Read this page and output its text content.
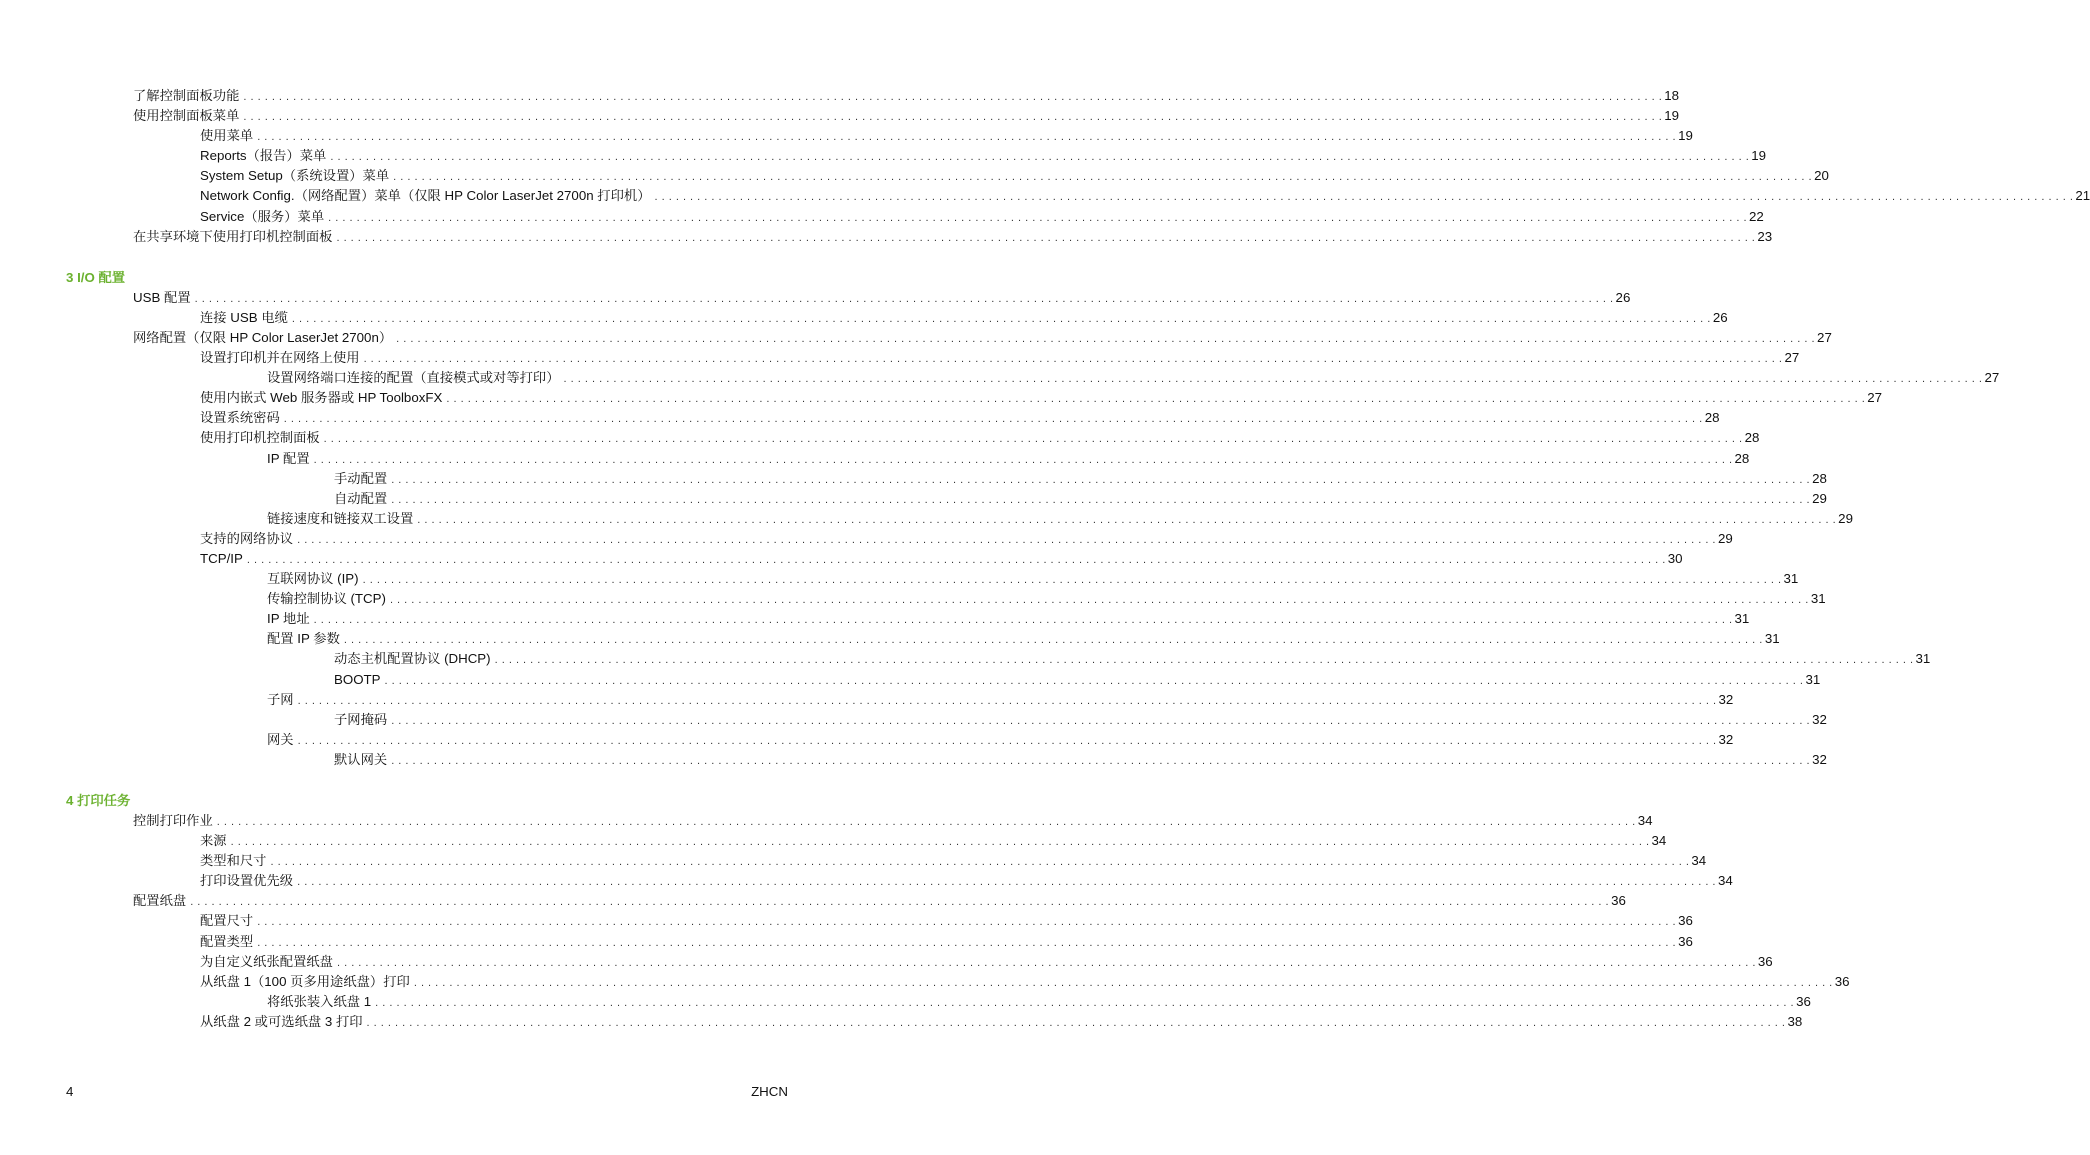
了解控制面板功能 . . . . . . . . . . . . . . . . . . . . . . . . . . . . . . . . . . . . . . . . . . . . . . . . . . . . . . . . . . . . . . . . . . . . . . . . . . . . . . . . . . . . . . . . . . . . . . . . . . . . . . . . . . . . . . . . . . . . . . . . . . . . . . . . . . . . . . . . . . . . . . . . . . . . . . . . . . . . . . . . . . . . . . . . . . . . . . . . . . . . . . . . . . . . . . . . . . . . . . . . 18
使用控制面板菜单 . . . . . . . . . . . . . . . . . . . . . . . . . . . . . . . . . . . . . . . . . . . . . . . . . . . . . . . . . . . . . . . . . . . . . . . . . . . . . . . . . . . . . . . . . . . . . . . . . . . . . . . . . . . . . . . . . . . . . . . . . . . . . . . . . . . . . . . . . . . . . . . . . . . . . . . . . . . . . . . . . . . . . . . . . . . . . . . . . . . . . . . . . . . . . . . . . . . . . . . . 19
使用菜单 . . . . . . . . . . . . . . . . . . . . . . . . . . . . . . . . . . . . . . . . . . . . . . . . . . . . . . . . . . . . . . . . . . . . . . . . . . . . . . . . . . . . . . . . . . . . . . . . . . . . . . . . . . . . . . . . . . . . . . . . . . . . . . . . . . . . . . . . . . . . . . . . . . . . . . . . . . . . . . . . . . . . . . . . . . . . . . . . . . . . . . . . . . . . . . . . . . . . . . . . 19
Reports（报告）菜单 . . . . . . . . . . . . . . . . . . . . . . . . . . . . . . . . . . . . . . . . . . . . . . . . . . . . . . . . . . . . . . . . . . . . . . . . . . . . . . . . . . . . . . . . . . . . . . . . . . . . . . . . . . . . . . . . . . . . . . . . . . . . . . . . . . . . . . . . . . . . . . . . . . . . . . . . . . . . . . . . . . . . . . . . . . . . . . . . . . . . . . . . . . . . . . . . . . . . . . . . 19
System Setup（系统设置）菜单 . . . . . . . . . . . . . . . . . . . . . . . . . . . . . . . . . . . . . . . . . . . . . . . . . . . . . . . . . . . . . . . . . . . . . . . . . . . . . . . . . . . . . . . . . . . . . . . . . . . . . . . . . . . . . . . . . . . . . . . . . . . . . . . . . . . . . . . . . . . . . . . . . . . . . . . . . . . . . . . . . . . . . . . . . . . . . . . . . . . . . . . . . . . . . . . . . . . . . . . . 20
Network Config.（网络配置）菜单（仅限 HP Color LaserJet 2700n 打印机） . . . . . . . . . . . . . . . . . . . . . . . . . . . . . . . . . . . . . . . . . . . . . . . . . . . . . . . . . . . . . . . . . . . . . . . . . . . . . . . . . . . . . . . . . . . . . . . . . . . . . . . . . . . . . . . . . . . . . . . . . . . . . . . . . . . . . . . . . . . . . . . . . . . . . . . . . . . . . . . . . . . . . . . . . . . . . . . . . . . . . . . . . . . . . . . . . . . . . . . . 21
Service（服务）菜单 . . . . . . . . . . . . . . . . . . . . . . . . . . . . . . . . . . . . . . . . . . . . . . . . . . . . . . . . . . . . . . . . . . . . . . . . . . . . . . . . . . . . . . . . . . . . . . . . . . . . . . . . . . . . . . . . . . . . . . . . . . . . . . . . . . . . . . . . . . . . . . . . . . . . . . . . . . . . . . . . . . . . . . . . . . . . . . . . . . . . . . . . . . . . . . . . . . . . . . . . 22
在共享环境下使用打印机控制面板 . . . . . . . . . . . . . . . . . . . . . . . . . . . . . . . . . . . . . . . . . . . . . . . . . . . . . . . . . . . . . . . . . . . . . . . . . . . . . . . . . . . . . . . . . . . . . . . . . . . . . . . . . . . . . . . . . . . . . . . . . . . . . . . . . . . . . . . . . . . . . . . . . . . . . . . . . . . . . . . . . . . . . . . . . . . . . . . . . . . . . . . . . . . . . . . . . . . . . . . . 23
3 I/O 配置
USB 配置 . . . . . . . . . . . . . . . . . . . . . . . . . . . . . . . . . . . . . . . . . . . . . . . . . . . . . . . . . . . . . . . . . . . . . . . . . . . . . . . . . . . . . . . . . . . . . . . . . . . . . . . . . . . . . . . . . . . . . . . . . . . . . . . . . . . . . . . . . . . . . . . . . . . . . . . . . . . . . . . . . . . . . . . . . . . . . . . . . . . . . . . . . . . . . . . . . . . . . . . . 26
连接 USB 电缆 . . . . . . . . . . . . . . . . . . . . . . . . . . . . . . . . . . . . . . . . . . . . . . . . . . . . . . . . . . . . . . . . . . . . . . . . . . . . . . . . . . . . . . . . . . . . . . . . . . . . . . . . . . . . . . . . . . . . . . . . . . . . . . . . . . . . . . . . . . . . . . . . . . . . . . . . . . . . . . . . . . . . . . . . . . . . . . . . . . . . . . . . . . . . . . . . . . . . . . . . 26
网络配置（仅限 HP Color LaserJet 2700n） . . . . . . . . . . . . . . . . . . . . . . . . . . . . . . . . . . . . . . . . . . . . . . . . . . . . . . . . . . . . . . . . . . . . . . . . . . . . . . . . . . . . . . . . . . . . . . . . . . . . . . . . . . . . . . . . . . . . . . . . . . . . . . . . . . . . . . . . . . . . . . . . . . . . . . . . . . . . . . . . . . . . . . . . . . . . . . . . . . . . . . . . . . . . . . . . . . . . . . . . 27
设置打印机并在网络上使用 . . . . . . . . . . . . . . . . . . . . . . . . . . . . . . . . . . . . . . . . . . . . . . . . . . . . . . . . . . . . . . . . . . . . . . . . . . . . . . . . . . . . . . . . . . . . . . . . . . . . . . . . . . . . . . . . . . . . . . . . . . . . . . . . . . . . . . . . . . . . . . . . . . . . . . . . . . . . . . . . . . . . . . . . . . . . . . . . . . . . . . . . . . . . . . . . . . . . . . . . 27
设置网络端口连接的配置（直接模式或对等打印） . . . . . . . . . . . . . . . . . . . . . . . . . . . . . . . . . . . . . . . . . . . . . . . . . . . . . . . . . . . . . . . . . . . . . . . . . . . . . . . . . . . . . . . . . . . . . . . . . . . . . . . . . . . . . . . . . . . . . . . . . . . . . . . . . . . . . . . . . . . . . . . . . . . . . . . . . . . . . . . . . . . . . . . . . . . . . . . . . . . . . . . . . . . . . . . . . . . . . . . . 27
使用内嵌式 Web 服务器或 HP ToolboxFX . . . . . . . . . . . . . . . . . . . . . . . . . . . . . . . . . . . . . . . . . . . . . . . . . . . . . . . . . . . . . . . . . . . . . . . . . . . . . . . . . . . . . . . . . . . . . . . . . . . . . . . . . . . . . . . . . . . . . . . . . . . . . . . . . . . . . . . . . . . . . . . . . . . . . . . . . . . . . . . . . . . . . . . . . . . . . . . . . . . . . . . . . . . . . . . . . . . . . . . . 27
设置系统密码 . . . . . . . . . . . . . . . . . . . . . . . . . . . . . . . . . . . . . . . . . . . . . . . . . . . . . . . . . . . . . . . . . . . . . . . . . . . . . . . . . . . . . . . . . . . . . . . . . . . . . . . . . . . . . . . . . . . . . . . . . . . . . . . . . . . . . . . . . . . . . . . . . . . . . . . . . . . . . . . . . . . . . . . . . . . . . . . . . . . . . . . . . . . . . . . . . . . . . . . . 28
使用打印机控制面板 . . . . . . . . . . . . . . . . . . . . . . . . . . . . . . . . . . . . . . . . . . . . . . . . . . . . . . . . . . . . . . . . . . . . . . . . . . . . . . . . . . . . . . . . . . . . . . . . . . . . . . . . . . . . . . . . . . . . . . . . . . . . . . . . . . . . . . . . . . . . . . . . . . . . . . . . . . . . . . . . . . . . . . . . . . . . . . . . . . . . . . . . . . . . . . . . . . . . . . . . 28
IP 配置 . . . . . . . . . . . . . . . . . . . . . . . . . . . . . . . . . . . . . . . . . . . . . . . . . . . . . . . . . . . . . . . . . . . . . . . . . . . . . . . . . . . . . . . . . . . . . . . . . . . . . . . . . . . . . . . . . . . . . . . . . . . . . . . . . . . . . . . . . . . . . . . . . . . . . . . . . . . . . . . . . . . . . . . . . . . . . . . . . . . . . . . . . . . . . . . . . . . . . . . . 28
手动配置 . . . . . . . . . . . . . . . . . . . . . . . . . . . . . . . . . . . . . . . . . . . . . . . . . . . . . . . . . . . . . . . . . . . . . . . . . . . . . . . . . . . . . . . . . . . . . . . . . . . . . . . . . . . . . . . . . . . . . . . . . . . . . . . . . . . . . . . . . . . . . . . . . . . . . . . . . . . . . . . . . . . . . . . . . . . . . . . . . . . . . . . . . . . . . . . . . . . . . . . . 28
自动配置 . . . . . . . . . . . . . . . . . . . . . . . . . . . . . . . . . . . . . . . . . . . . . . . . . . . . . . . . . . . . . . . . . . . . . . . . . . . . . . . . . . . . . . . . . . . . . . . . . . . . . . . . . . . . . . . . . . . . . . . . . . . . . . . . . . . . . . . . . . . . . . . . . . . . . . . . . . . . . . . . . . . . . . . . . . . . . . . . . . . . . . . . . . . . . . . . . . . . . . . . 29
链接速度和链接双工设置 . . . . . . . . . . . . . . . . . . . . . . . . . . . . . . . . . . . . . . . . . . . . . . . . . . . . . . . . . . . . . . . . . . . . . . . . . . . . . . . . . . . . . . . . . . . . . . . . . . . . . . . . . . . . . . . . . . . . . . . . . . . . . . . . . . . . . . . . . . . . . . . . . . . . . . . . . . . . . . . . . . . . . . . . . . . . . . . . . . . . . . . . . . . . . . . . . . . . . . . . 29
支持的网络协议 . . . . . . . . . . . . . . . . . . . . . . . . . . . . . . . . . . . . . . . . . . . . . . . . . . . . . . . . . . . . . . . . . . . . . . . . . . . . . . . . . . . . . . . . . . . . . . . . . . . . . . . . . . . . . . . . . . . . . . . . . . . . . . . . . . . . . . . . . . . . . . . . . . . . . . . . . . . . . . . . . . . . . . . . . . . . . . . . . . . . . . . . . . . . . . . . . . . . . . . . 29
TCP/IP . . . . . . . . . . . . . . . . . . . . . . . . . . . . . . . . . . . . . . . . . . . . . . . . . . . . . . . . . . . . . . . . . . . . . . . . . . . . . . . . . . . . . . . . . . . . . . . . . . . . . . . . . . . . . . . . . . . . . . . . . . . . . . . . . . . . . . . . . . . . . . . . . . . . . . . . . . . . . . . . . . . . . . . . . . . . . . . . . . . . . . . . . . . . . . . . . . . . . . . . 30
互联网协议 (IP) . . . . . . . . . . . . . . . . . . . . . . . . . . . . . . . . . . . . . . . . . . . . . . . . . . . . . . . . . . . . . . . . . . . . . . . . . . . . . . . . . . . . . . . . . . . . . . . . . . . . . . . . . . . . . . . . . . . . . . . . . . . . . . . . . . . . . . . . . . . . . . . . . . . . . . . . . . . . . . . . . . . . . . . . . . . . . . . . . . . . . . . . . . . . . . . . . . . . . . . . 31
传输控制协议 (TCP) . . . . . . . . . . . . . . . . . . . . . . . . . . . . . . . . . . . . . . . . . . . . . . . . . . . . . . . . . . . . . . . . . . . . . . . . . . . . . . . . . . . . . . . . . . . . . . . . . . . . . . . . . . . . . . . . . . . . . . . . . . . . . . . . . . . . . . . . . . . . . . . . . . . . . . . . . . . . . . . . . . . . . . . . . . . . . . . . . . . . . . . . . . . . . . . . . . . . . . . . 31
IP 地址 . . . . . . . . . . . . . . . . . . . . . . . . . . . . . . . . . . . . . . . . . . . . . . . . . . . . . . . . . . . . . . . . . . . . . . . . . . . . . . . . . . . . . . . . . . . . . . . . . . . . . . . . . . . . . . . . . . . . . . . . . . . . . . . . . . . . . . . . . . . . . . . . . . . . . . . . . . . . . . . . . . . . . . . . . . . . . . . . . . . . . . . . . . . . . . . . . . . . . . . . 31
配置 IP 参数 . . . . . . . . . . . . . . . . . . . . . . . . . . . . . . . . . . . . . . . . . . . . . . . . . . . . . . . . . . . . . . . . . . . . . . . . . . . . . . . . . . . . . . . . . . . . . . . . . . . . . . . . . . . . . . . . . . . . . . . . . . . . . . . . . . . . . . . . . . . . . . . . . . . . . . . . . . . . . . . . . . . . . . . . . . . . . . . . . . . . . . . . . . . . . . . . . . . . . . . . 31
动态主机配置协议 (DHCP) . . . . . . . . . . . . . . . . . . . . . . . . . . . . . . . . . . . . . . . . . . . . . . . . . . . . . . . . . . . . . . . . . . . . . . . . . . . . . . . . . . . . . . . . . . . . . . . . . . . . . . . . . . . . . . . . . . . . . . . . . . . . . . . . . . . . . . . . . . . . . . . . . . . . . . . . . . . . . . . . . . . . . . . . . . . . . . . . . . . . . . . . . . . . . . . . . . . . . . . . 31
BOOTP . . . . . . . . . . . . . . . . . . . . . . . . . . . . . . . . . . . . . . . . . . . . . . . . . . . . . . . . . . . . . . . . . . . . . . . . . . . . . . . . . . . . . . . . . . . . . . . . . . . . . . . . . . . . . . . . . . . . . . . . . . . . . . . . . . . . . . . . . . . . . . . . . . . . . . . . . . . . . . . . . . . . . . . . . . . . . . . . . . . . . . . . . . . . . . . . . . . . . . . . 31
子网 . . . . . . . . . . . . . . . . . . . . . . . . . . . . . . . . . . . . . . . . . . . . . . . . . . . . . . . . . . . . . . . . . . . . . . . . . . . . . . . . . . . . . . . . . . . . . . . . . . . . . . . . . . . . . . . . . . . . . . . . . . . . . . . . . . . . . . . . . . . . . . . . . . . . . . . . . . . . . . . . . . . . . . . . . . . . . . . . . . . . . . . . . . . . . . . . . . . . . . . . 32
子网掩码 . . . . . . . . . . . . . . . . . . . . . . . . . . . . . . . . . . . . . . . . . . . . . . . . . . . . . . . . . . . . . . . . . . . . . . . . . . . . . . . . . . . . . . . . . . . . . . . . . . . . . . . . . . . . . . . . . . . . . . . . . . . . . . . . . . . . . . . . . . . . . . . . . . . . . . . . . . . . . . . . . . . . . . . . . . . . . . . . . . . . . . . . . . . . . . . . . . . . . . . . 32
网关 . . . . . . . . . . . . . . . . . . . . . . . . . . . . . . . . . . . . . . . . . . . . . . . . . . . . . . . . . . . . . . . . . . . . . . . . . . . . . . . . . . . . . . . . . . . . . . . . . . . . . . . . . . . . . . . . . . . . . . . . . . . . . . . . . . . . . . . . . . . . . . . . . . . . . . . . . . . . . . . . . . . . . . . . . . . . . . . . . . . . . . . . . . . . . . . . . . . . . . . . 32
默认网关 . . . . . . . . . . . . . . . . . . . . . . . . . . . . . . . . . . . . . . . . . . . . . . . . . . . . . . . . . . . . . . . . . . . . . . . . . . . . . . . . . . . . . . . . . . . . . . . . . . . . . . . . . . . . . . . . . . . . . . . . . . . . . . . . . . . . . . . . . . . . . . . . . . . . . . . . . . . . . . . . . . . . . . . . . . . . . . . . . . . . . . . . . . . . . . . . . . . . . . . . 32
4 打印任务
控制打印作业 . . . . . . . . . . . . . . . . . . . . . . . . . . . . . . . . . . . . . . . . . . . . . . . . . . . . . . . . . . . . . . . . . . . . . . . . . . . . . . . . . . . . . . . . . . . . . . . . . . . . . . . . . . . . . . . . . . . . . . . . . . . . . . . . . . . . . . . . . . . . . . . . . . . . . . . . . . . . . . . . . . . . . . . . . . . . . . . . . . . . . . . . . . . . . . . . . . . . . . . . 34
来源 . . . . . . . . . . . . . . . . . . . . . . . . . . . . . . . . . . . . . . . . . . . . . . . . . . . . . . . . . . . . . . . . . . . . . . . . . . . . . . . . . . . . . . . . . . . . . . . . . . . . . . . . . . . . . . . . . . . . . . . . . . . . . . . . . . . . . . . . . . . . . . . . . . . . . . . . . . . . . . . . . . . . . . . . . . . . . . . . . . . . . . . . . . . . . . . . . . . . . . . . 34
类型和尺寸 . . . . . . . . . . . . . . . . . . . . . . . . . . . . . . . . . . . . . . . . . . . . . . . . . . . . . . . . . . . . . . . . . . . . . . . . . . . . . . . . . . . . . . . . . . . . . . . . . . . . . . . . . . . . . . . . . . . . . . . . . . . . . . . . . . . . . . . . . . . . . . . . . . . . . . . . . . . . . . . . . . . . . . . . . . . . . . . . . . . . . . . . . . . . . . . . . . . . . . . . 34
打印设置优先级 . . . . . . . . . . . . . . . . . . . . . . . . . . . . . . . . . . . . . . . . . . . . . . . . . . . . . . . . . . . . . . . . . . . . . . . . . . . . . . . . . . . . . . . . . . . . . . . . . . . . . . . . . . . . . . . . . . . . . . . . . . . . . . . . . . . . . . . . . . . . . . . . . . . . . . . . . . . . . . . . . . . . . . . . . . . . . . . . . . . . . . . . . . . . . . . . . . . . . . . . 34
配置纸盘 . . . . . . . . . . . . . . . . . . . . . . . . . . . . . . . . . . . . . . . . . . . . . . . . . . . . . . . . . . . . . . . . . . . . . . . . . . . . . . . . . . . . . . . . . . . . . . . . . . . . . . . . . . . . . . . . . . . . . . . . . . . . . . . . . . . . . . . . . . . . . . . . . . . . . . . . . . . . . . . . . . . . . . . . . . . . . . . . . . . . . . . . . . . . . . . . . . . . . . . . 36
配置尺寸 . . . . . . . . . . . . . . . . . . . . . . . . . . . . . . . . . . . . . . . . . . . . . . . . . . . . . . . . . . . . . . . . . . . . . . . . . . . . . . . . . . . . . . . . . . . . . . . . . . . . . . . . . . . . . . . . . . . . . . . . . . . . . . . . . . . . . . . . . . . . . . . . . . . . . . . . . . . . . . . . . . . . . . . . . . . . . . . . . . . . . . . . . . . . . . . . . . . . . . . . 36
配置类型 . . . . . . . . . . . . . . . . . . . . . . . . . . . . . . . . . . . . . . . . . . . . . . . . . . . . . . . . . . . . . . . . . . . . . . . . . . . . . . . . . . . . . . . . . . . . . . . . . . . . . . . . . . . . . . . . . . . . . . . . . . . . . . . . . . . . . . . . . . . . . . . . . . . . . . . . . . . . . . . . . . . . . . . . . . . . . . . . . . . . . . . . . . . . . . . . . . . . . . . . 36
为自定义纸张配置纸盘 . . . . . . . . . . . . . . . . . . . . . . . . . . . . . . . . . . . . . . . . . . . . . . . . . . . . . . . . . . . . . . . . . . . . . . . . . . . . . . . . . . . . . . . . . . . . . . . . . . . . . . . . . . . . . . . . . . . . . . . . . . . . . . . . . . . . . . . . . . . . . . . . . . . . . . . . . . . . . . . . . . . . . . . . . . . . . . . . . . . . . . . . . . . . . . . . . . . . . . . . 36
从纸盘 1（100 页多用途纸盘）打印 . . . . . . . . . . . . . . . . . . . . . . . . . . . . . . . . . . . . . . . . . . . . . . . . . . . . . . . . . . . . . . . . . . . . . . . . . . . . . . . . . . . . . . . . . . . . . . . . . . . . . . . . . . . . . . . . . . . . . . . . . . . . . . . . . . . . . . . . . . . . . . . . . . . . . . . . . . . . . . . . . . . . . . . . . . . . . . . . . . . . . . . . . . . . . . . . . . . . . . . . 36
将纸张装入纸盘 1 . . . . . . . . . . . . . . . . . . . . . . . . . . . . . . . . . . . . . . . . . . . . . . . . . . . . . . . . . . . . . . . . . . . . . . . . . . . . . . . . . . . . . . . . . . . . . . . . . . . . . . . . . . . . . . . . . . . . . . . . . . . . . . . . . . . . . . . . . . . . . . . . . . . . . . . . . . . . . . . . . . . . . . . . . . . . . . . . . . . . . . . . . . . . . . . . . . . . . . . . 36
从纸盘 2 或可选纸盘 3 打印 . . . . . . . . . . . . . . . . . . . . . . . . . . . . . . . . . . . . . . . . . . . . . . . . . . . . . . . . . . . . . . . . . . . . . . . . . . . . . . . . . . . . . . . . . . . . . . . . . . . . . . . . . . . . . . . . . . . . . . . . . . . . . . . . . . . . . . . . . . . . . . . . . . . . . . . . . . . . . . . . . . . . . . . . . . . . . . . . . . . . . . . . . . . . . . . . . . . . . . . . 38
4	ZHCN
